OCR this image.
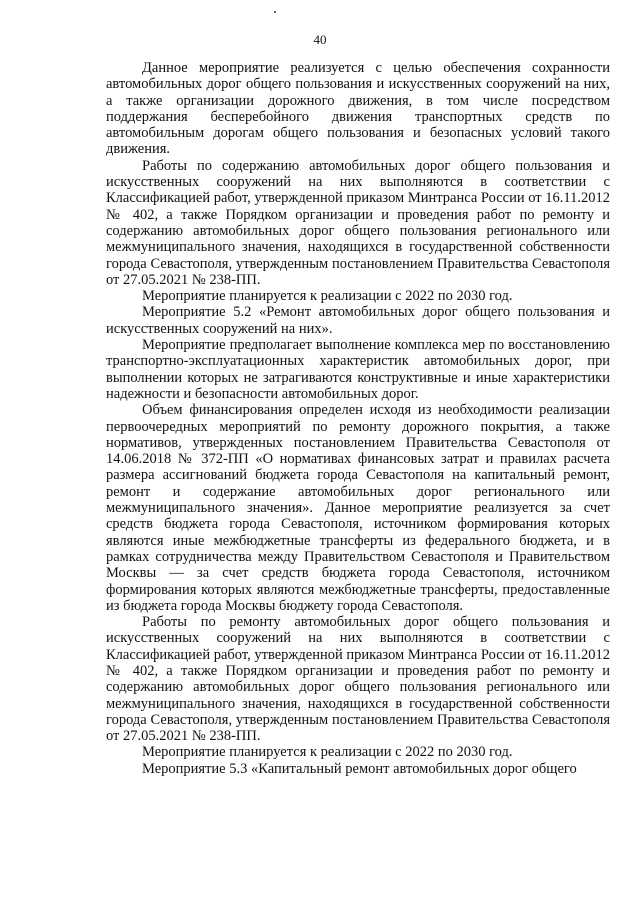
40

Данное мероприятие реализуется с целью обеспечения сохранности автомобильных дорог общего пользования и искусственных сооружений на них, а также организации дорожного движения, в том числе посредством поддержания бесперебойного движения транспортных средств по автомобильным дорогам общего пользования и безопасных условий такого движения.

Работы по содержанию автомобильных дорог общего пользования и искусственных сооружений на них выполняются в соответствии с Классификацией работ, утвержденной приказом Минтранса России от 16.11.2012 № 402, а также Порядком организации и проведения работ по ремонту и содержанию автомобильных дорог общего пользования регионального или межмуниципального значения, находящихся в государственной собственности города Севастополя, утвержденным постановлением Правительства Севастополя от 27.05.2021 № 238-ПП.

Мероприятие планируется к реализации с 2022 по 2030 год.

Мероприятие 5.2 «Ремонт автомобильных дорог общего пользования и искусственных сооружений на них».

Мероприятие предполагает выполнение комплекса мер по восстановлению транспортно-эксплуатационных характеристик автомобильных дорог, при выполнении которых не затрагиваются конструктивные и иные характеристики надежности и безопасности автомобильных дорог.

Объем финансирования определен исходя из необходимости реализации первоочередных мероприятий по ремонту дорожного покрытия, а также нормативов, утвержденных постановлением Правительства Севастополя от 14.06.2018 № 372-ПП «О нормативах финансовых затрат и правилах расчета размера ассигнований бюджета города Севастополя на капитальный ремонт, ремонт и содержание автомобильных дорог регионального или межмуниципального значения». Данное мероприятие реализуется за счет средств бюджета города Севастополя, источником формирования которых являются иные межбюджетные трансферты из федерального бюджета, и в рамках сотрудничества между Правительством Севастополя и Правительством Москвы — за счет средств бюджета города Севастополя, источником формирования которых являются межбюджетные трансферты, предоставленные из бюджета города Москвы бюджету города Севастополя.

Работы по ремонту автомобильных дорог общего пользования и искусственных сооружений на них выполняются в соответствии с Классификацией работ, утвержденной приказом Минтранса России от 16.11.2012 № 402, а также Порядком организации и проведения работ по ремонту и содержанию автомобильных дорог общего пользования регионального или межмуниципального значения, находящихся в государственной собственности города Севастополя, утвержденным постановлением Правительства Севастополя от 27.05.2021 № 238-ПП.

Мероприятие планируется к реализации с 2022 по 2030 год.

Мероприятие 5.3 «Капитальный ремонт автомобильных дорог общего
